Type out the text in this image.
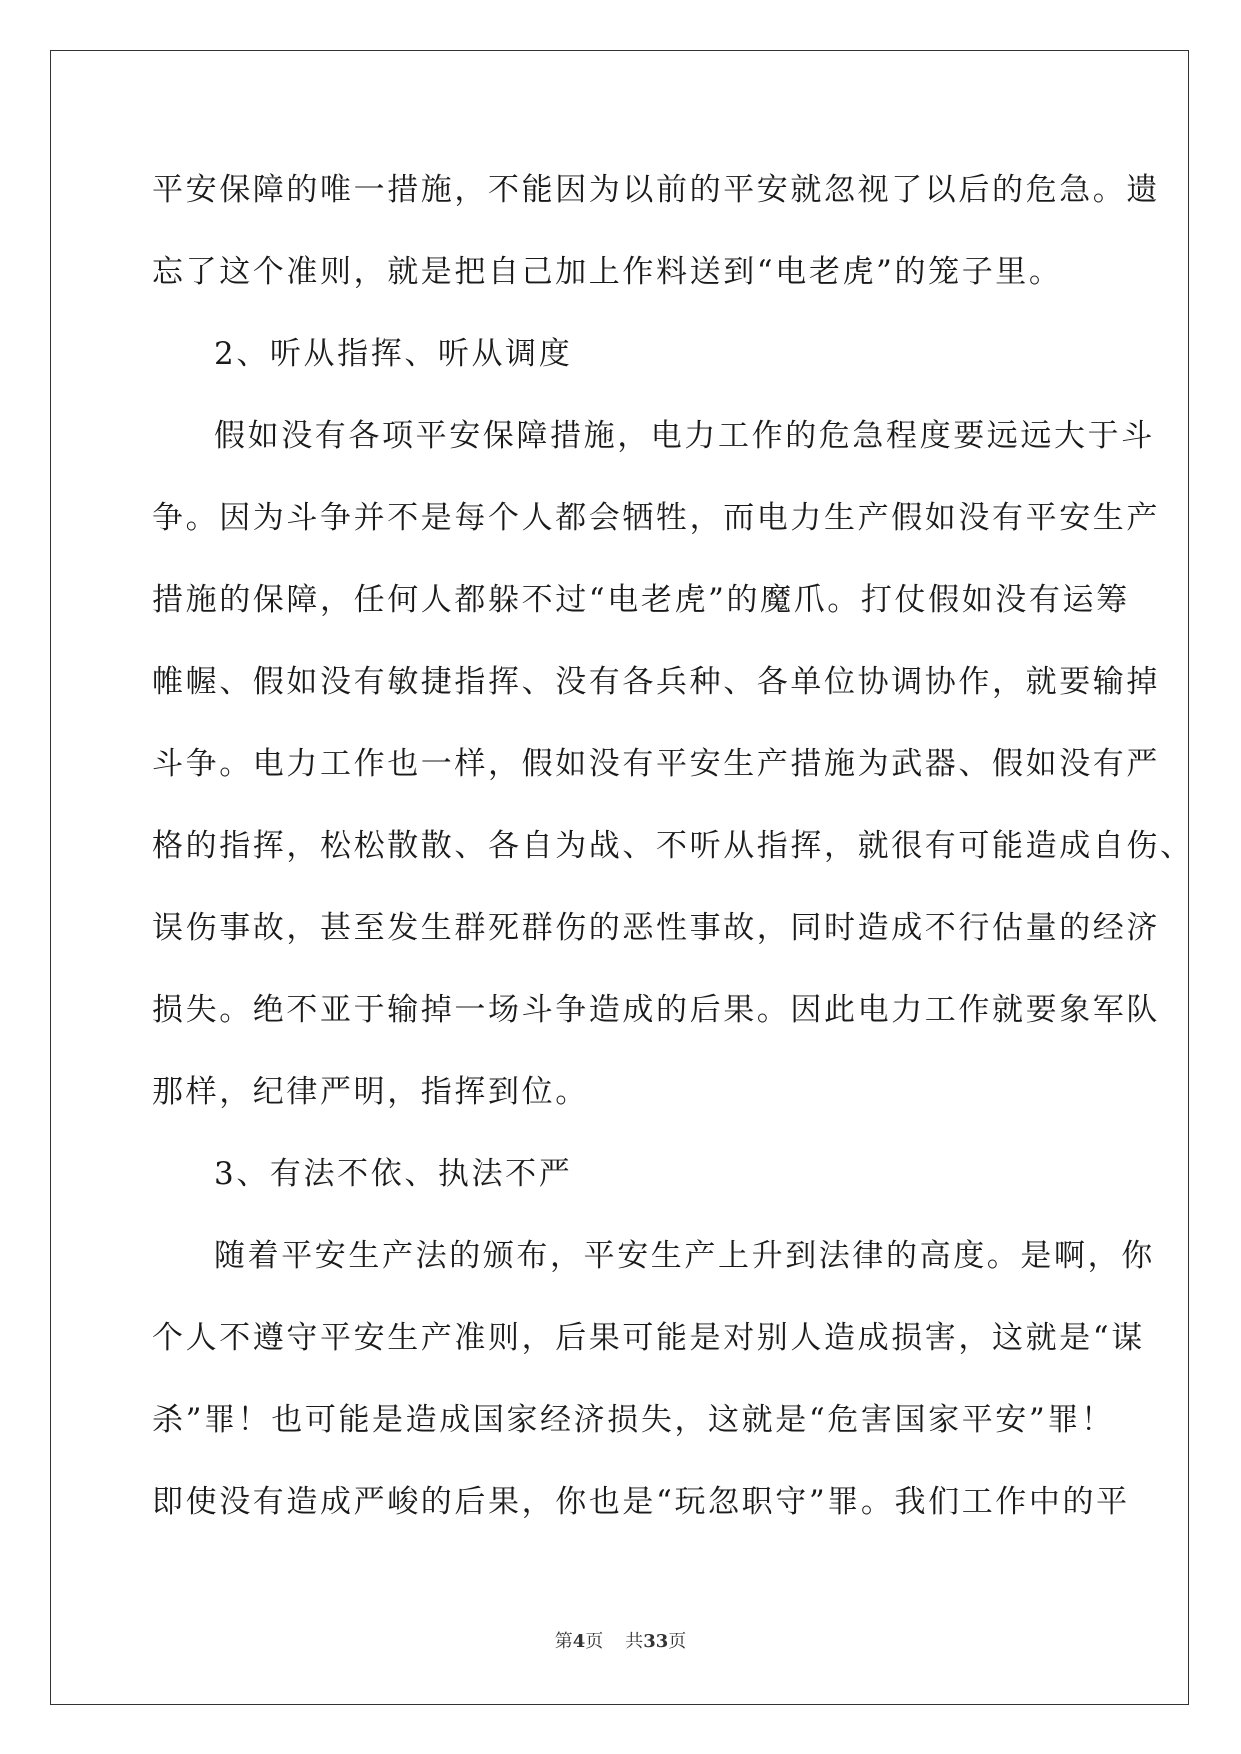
平安保障的唯一措施，不能因为以前的平安就忽视了以后的危急。遗
忘了这个准则，就是把自己加上作料送到“电老虎”的笼子里。
2、听从指挥、听从调度
假如没有各项平安保障措施，电力工作的危急程度要远远大于斗
争。因为斗争并不是每个人都会牺牲，而电力生产假如没有平安生产
措施的保障，任何人都躲不过“电老虎”的魔爪。打仗假如没有运筹
帷幄、假如没有敏捷指挥、没有各兵种、各单位协调协作，就要输掉
斗争。电力工作也一样，假如没有平安生产措施为武器、假如没有严
格的指挥，松松散散、各自为战、不听从指挥，就很有可能造成自伤、
误伤事故，甚至发生群死群伤的恶性事故，同时造成不行估量的经济
损失。绝不亚于输掉一场斗争造成的后果。因此电力工作就要象军队
那样，纪律严明，指挥到位。
3、有法不依、执法不严
随着平安生产法的颁布，平安生产上升到法律的高度。是啊，你
个人不遵守平安生产准则，后果可能是对别人造成损害，这就是“谋
杀”罪！也可能是造成国家经济损失，这就是“危害国家平安”罪！
即使没有造成严峻的后果，你也是“玩忽职守”罪。我们工作中的平
第4页 共33页
